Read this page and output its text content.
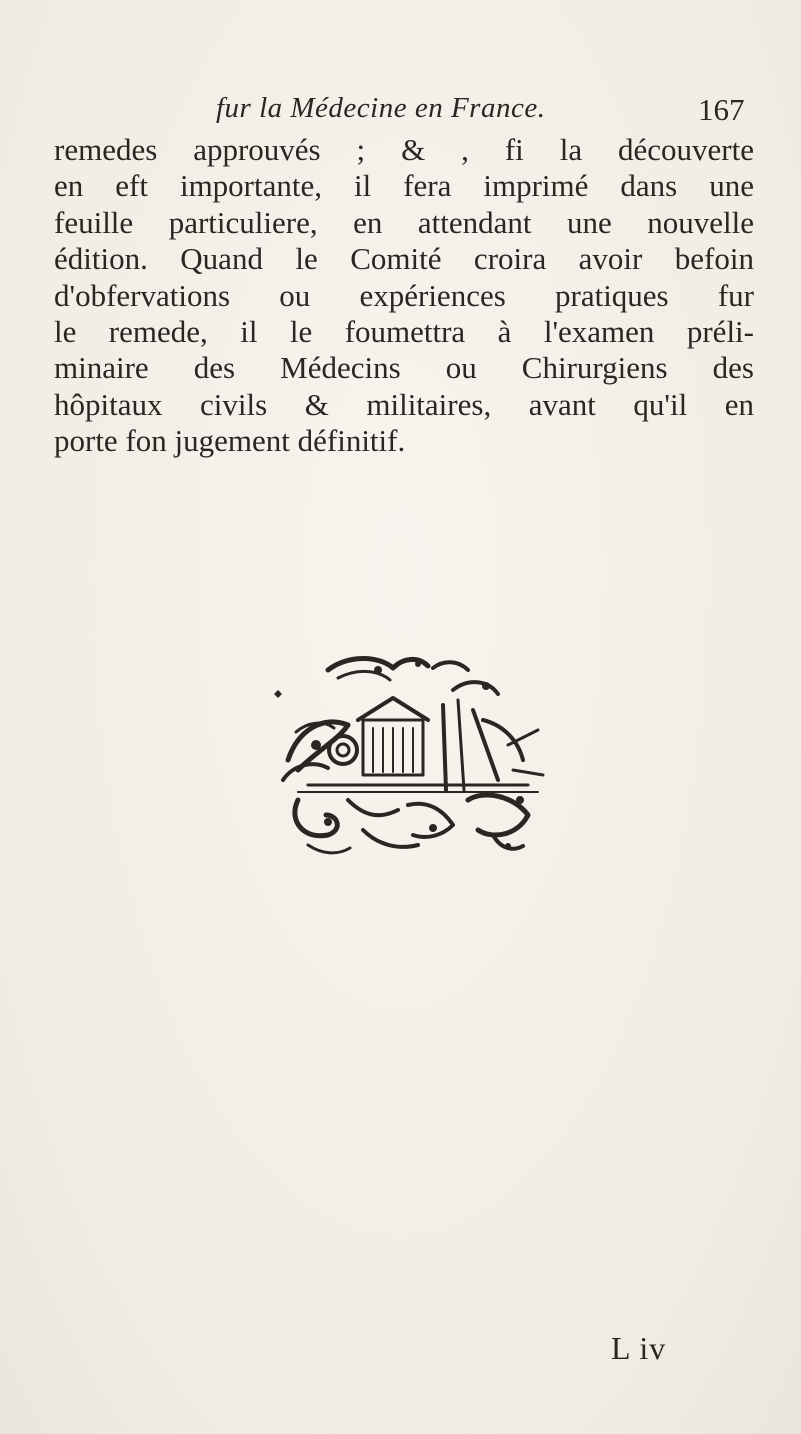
fur la Médecine en France.	167
remedes approuvés ; & , fi la découverte
en eft importante, il fera imprimé dans une
feuille particuliere, en attendant une nouvelle
édition. Quand le Comité croira avoir befoin
d'obfervations ou expériences pratiques fur
le remede, il le foumettra à l'examen préli-
minaire des Médecins ou Chirurgiens des
hôpitaux civils & militaires, avant qu'il en
porte fon jugement définitif.
L iv
